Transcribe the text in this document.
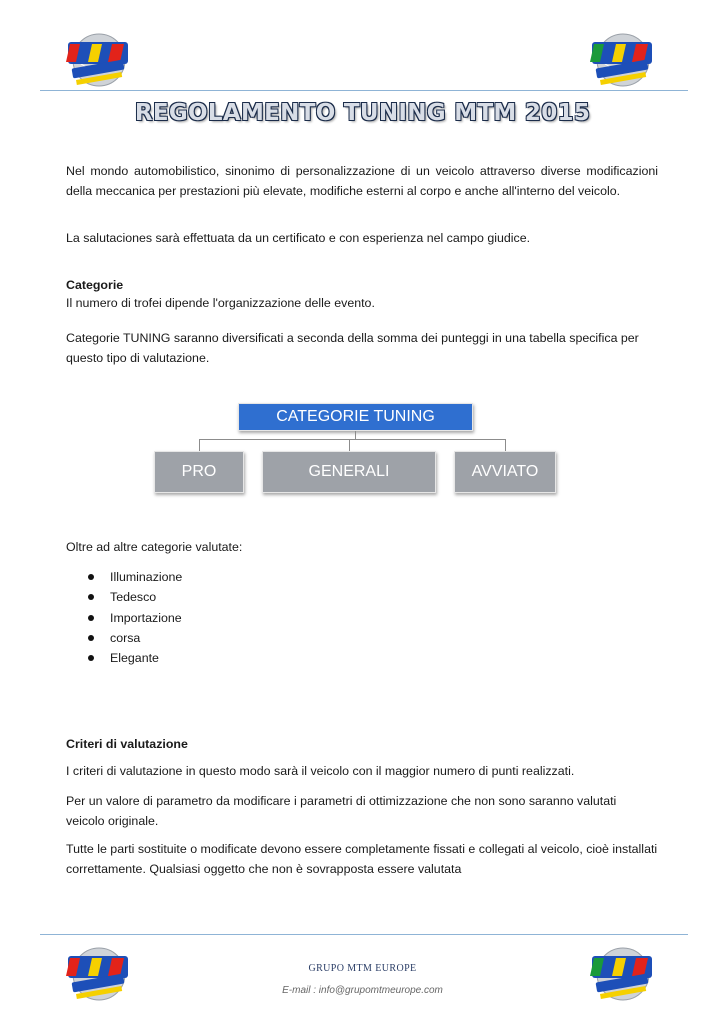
REGOLAMENTO TUNING MTM 2015
Nel mondo automobilistico, sinonimo di personalizzazione di un veicolo attraverso diverse modificazioni della meccanica per prestazioni più elevate, modifiche esterni al corpo e anche all'interno del veicolo.
La salutaciones sarà effettuata da un certificato e con esperienza nel campo giudice.
Categorie
Il numero di trofei dipende l'organizzazione delle evento.
Categorie TUNING saranno diversificati a seconda della somma dei punteggi in una tabella specifica per questo tipo di valutazione.
CATEGORIE TUNING
PRO	GENERALI	AVVIATO
Oltre ad altre categorie valutate:
Illuminazione
Tedesco
Importazione
corsa
Elegante
Criteri di valutazione
I criteri di valutazione in questo modo sarà il veicolo con il maggior numero di punti realizzati.
Per un valore di parametro da modificare i parametri di ottimizzazione che non sono saranno valutati veicolo originale.
Tutte le parti sostituite o modificate devono essere completamente fissati e collegati al veicolo, cioè installati correttamente. Qualsiasi oggetto che non è sovrapposta essere valutata
GRUPO MTM EUROPE
E-mail : info@grupomtmeurope.com
